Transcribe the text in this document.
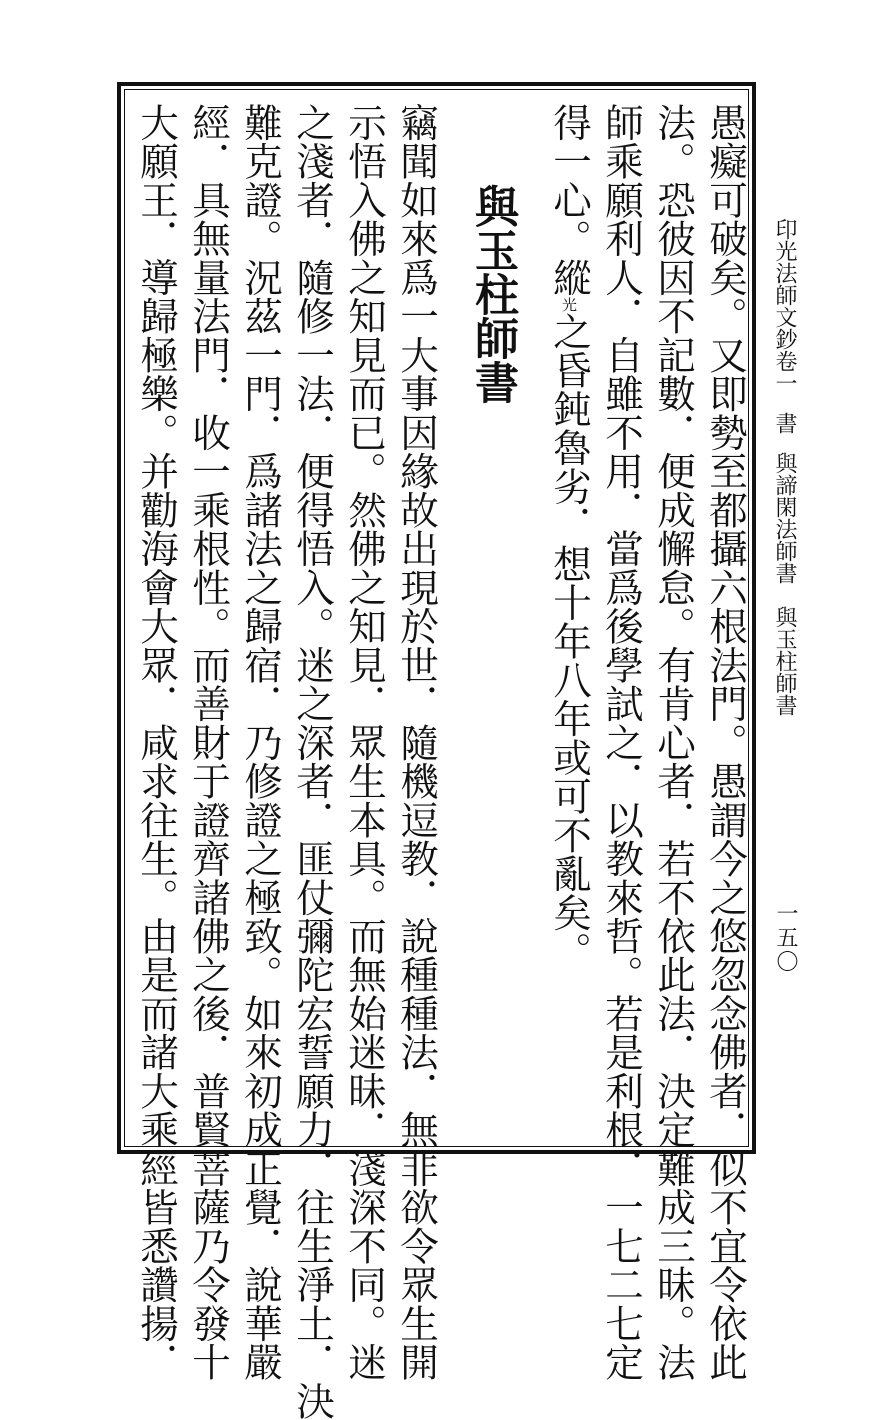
印光法師文鈔卷一書與諦閑法師書　與玉柱師書
一五〇
愚癡可破矣。又即勢至都攝六根法門。愚謂今之悠忽念佛者．似不宜令依此
法。恐彼因不記數．便成懈怠。有肯心者．若不依此法．決定難成三昧。法
師乘願利人．自雖不用．當爲後學試之．以教來哲。若是利根．一七二七定
得一心。縱光之昏鈍魯劣．想十年八年或可不亂矣。
與玉柱師書
竊聞如來爲一大事因緣故出現於世．隨機逗教．說種種法．無非欲令眾生開
示悟入佛之知見而已。然佛之知見．眾生本具。而無始迷昧．淺深不同。迷
之淺者．隨修一法．便得悟入。迷之深者．匪仗彌陀宏誓願力．往生淨土．決
難克證。況茲一門．爲諸法之歸宿．乃修證之極致。如來初成正覺．說華嚴
經．具無量法門．收一乘根性。而善財于證齊諸佛之後．普賢菩薩乃令發十
大願王．導歸極樂。并勸海會大眾．咸求往生。由是而諸大乘經皆悉讚揚．
